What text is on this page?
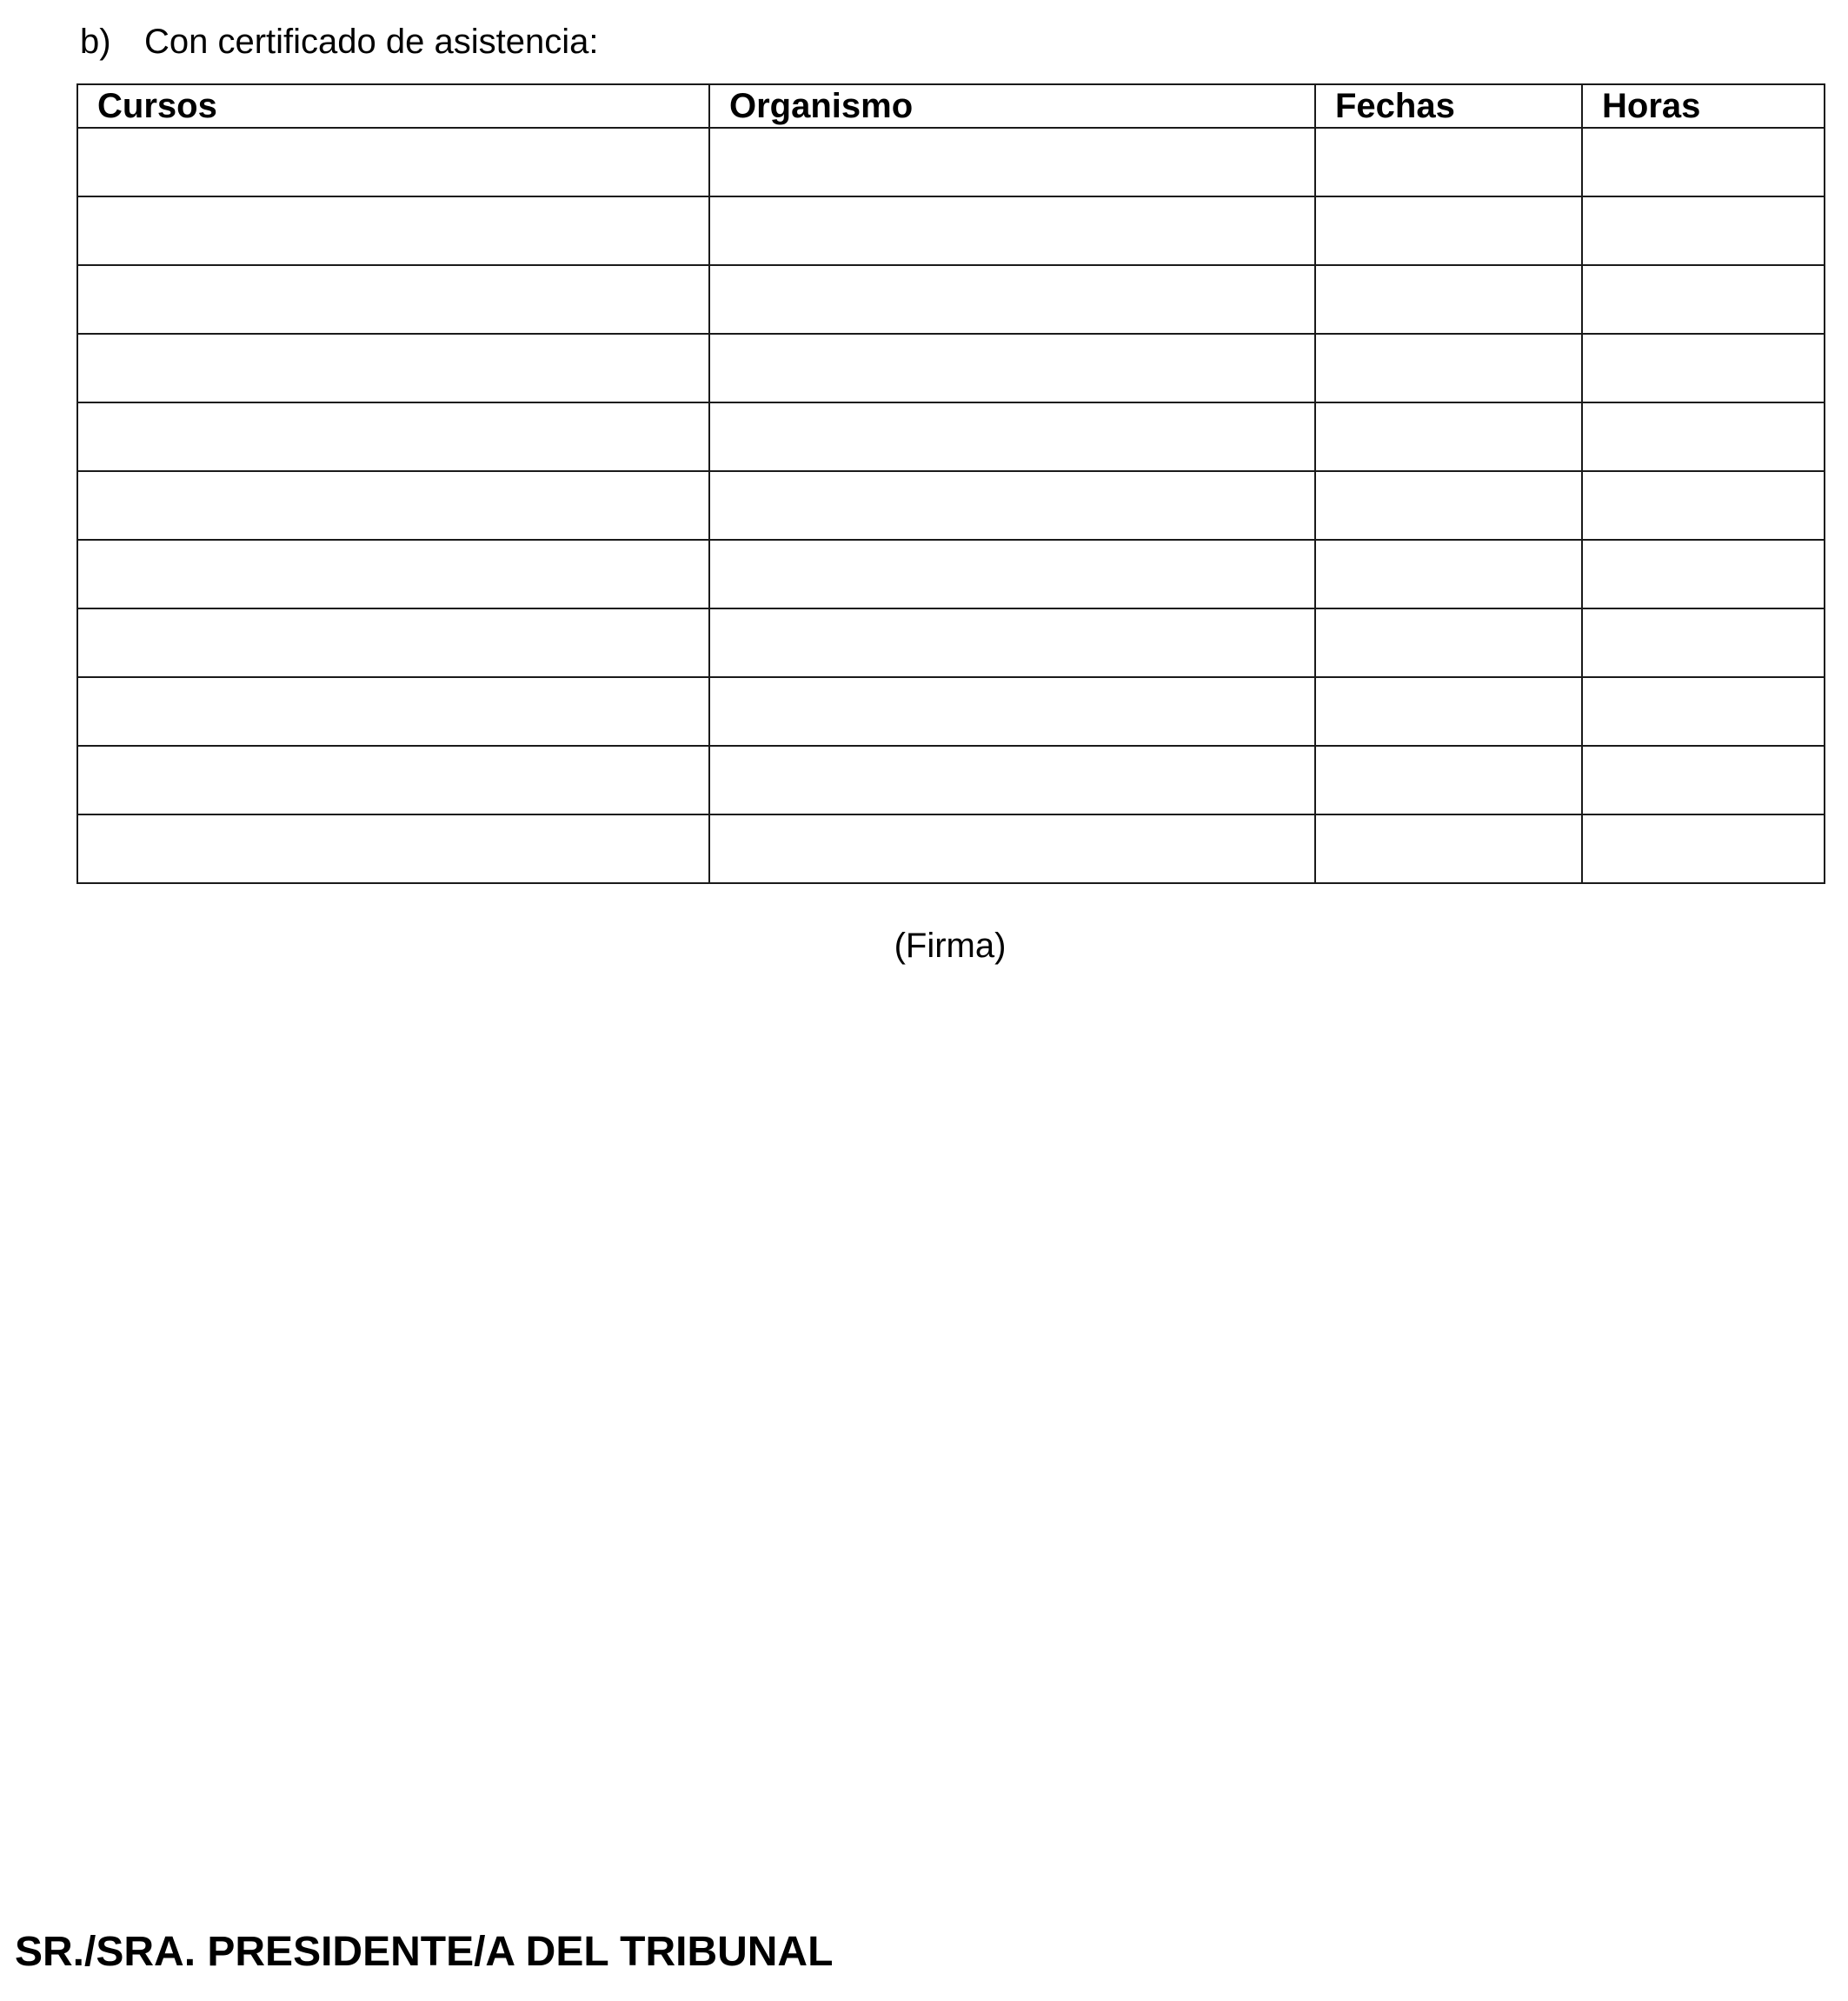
b) Con certificado de asistencia:
Cursos	Organismo	Fechas	Horas

(Firma)
SR./SRA. PRESIDENTE/A DEL TRIBUNAL
